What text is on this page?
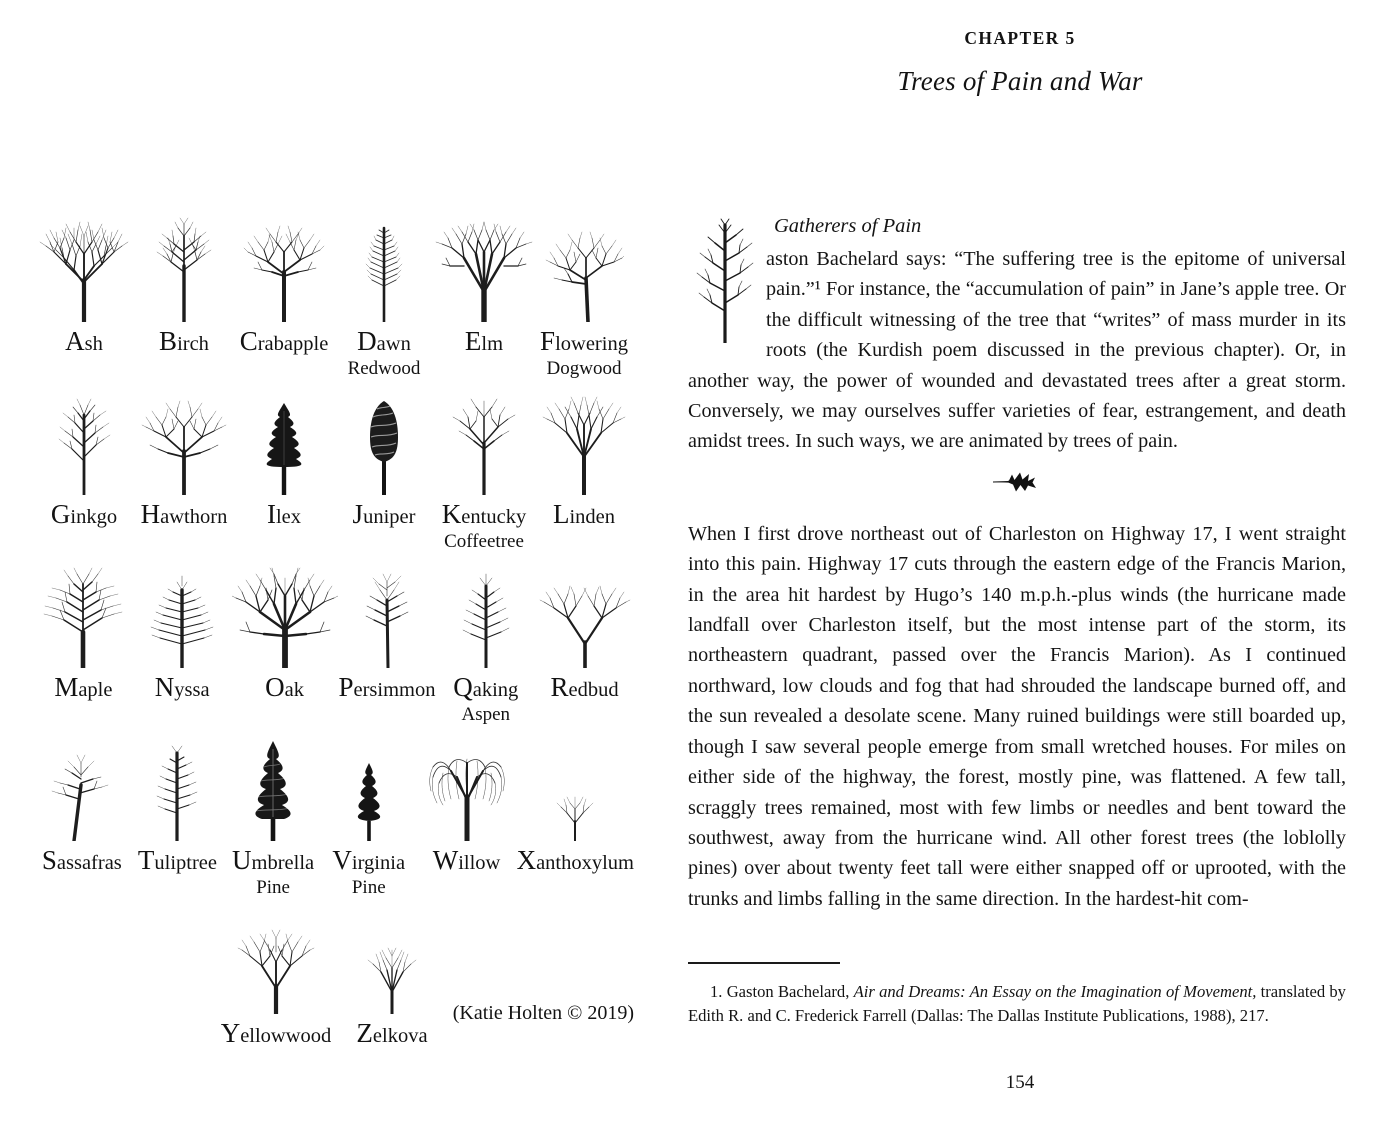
Ash Birch Crabapple Dawn
Redwood
Elm Flowering
Dogwood
Ginkgo Hawthorn Ilex Juniper Kentucky
Coffeetree
Linden
Maple Nyssa Oak Persimmon Qaking
Aspen
Redbud
Sassafras Tuliptree Umbrella
Pine
Virginia
Pine
Willow Xanthoxylum
Yellowwood Zelkova
(Katie Holten © 2019)
CHAPTER 5
Trees of Pain and War
Gatherers of Pain
aston Bachelard says: “The suffering tree is the epitome of universal pain.”¹ For instance, the “accumulation of pain” in Jane’s apple tree. Or the difficult witnessing of the tree that “writes” of mass murder in its roots (the Kurdish poem discussed in the previous chapter). Or, in another way, the power of wounded and devastated trees after a great storm. Conversely, we may ourselves suffer varieties of fear, estrangement, and death amidst trees. In such ways, we are animated by trees of pain.
When I first drove northeast out of Charleston on Highway 17, I went straight into this pain. Highway 17 cuts through the eastern edge of the Francis Marion, in the area hit hardest by Hugo’s 140 m.p.h.-plus winds (the hurricane made landfall over Charleston itself, but the most intense part of the storm, its northeastern quadrant, passed over the Francis Marion). As I continued northward, low clouds and fog that had shrouded the landscape burned off, and the sun revealed a desolate scene. Many ruined buildings were still boarded up, though I saw several people emerge from small wretched houses. For miles on either side of the highway, the forest, mostly pine, was flattened. A few tall, scraggly trees remained, most with few limbs or needles and bent toward the southwest, away from the hurricane wind. All other forest trees (the loblolly pines) over about twenty feet tall were either snapped off or uprooted, with the trunks and limbs falling in the same direction. In the hardest-hit com-
1. Gaston Bachelard, Air and Dreams: An Essay on the Imagination of Movement, translated by Edith R. and C. Frederick Farrell (Dallas: The Dallas Institute Publications, 1988), 217.
154
